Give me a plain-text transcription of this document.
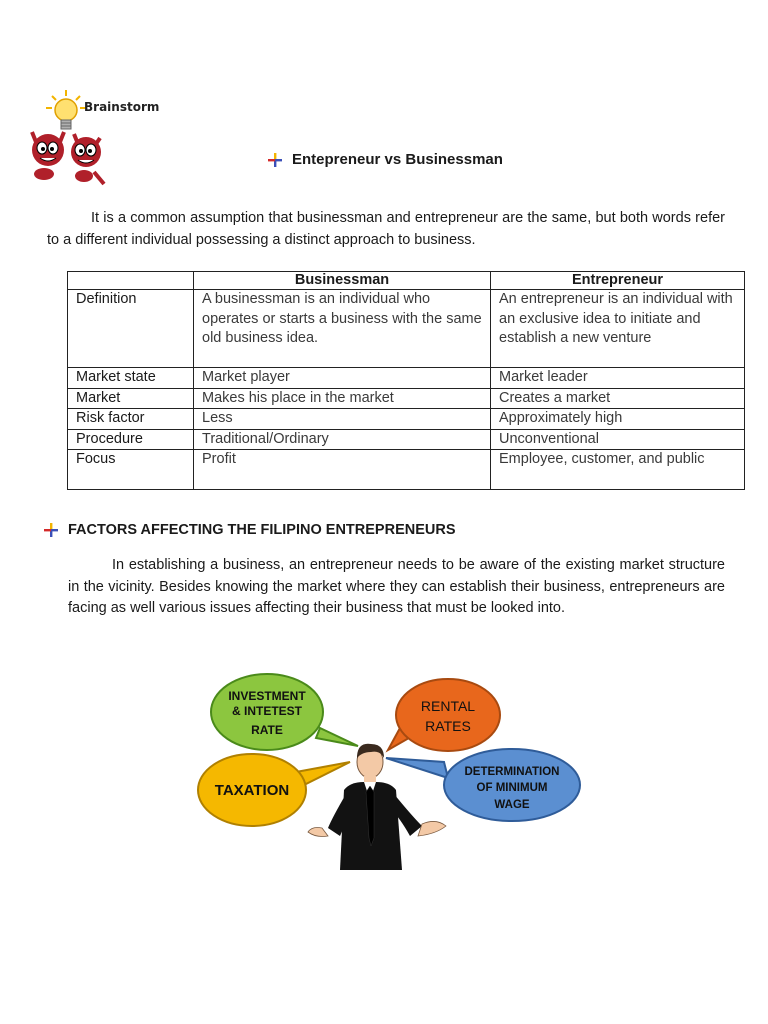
Brainstorm
Entepreneur vs Businessman
It is a common assumption that businessman and entrepreneur are the same, but both words refer to a different individual possessing a distinct approach to business.
	Businessman	Entrepreneur
Definition	A businessman is an individual who operates or starts a business with the same old business idea.	An entrepreneur is an individual with an exclusive idea to initiate and establish a new venture
Market state	Market player	Market leader
Market	Makes his place in the market	Creates a market
Risk factor	Less	Approximately high
Procedure	Traditional/Ordinary	Unconventional
Focus	Profit	Employee, customer, and public
FACTORS AFFECTING THE FILIPINO ENTREPRENEURS
In establishing a business, an entrepreneur needs to be aware of the existing market structure in the vicinity. Besides knowing the market where they can establish their business, entrepreneurs are facing as well various issues affecting their business that must be looked into.
INVESTMENT
& INTETEST
RATE
RENTAL
RATES
TAXATION
DETERMINATION
OF MINIMUM
WAGE
